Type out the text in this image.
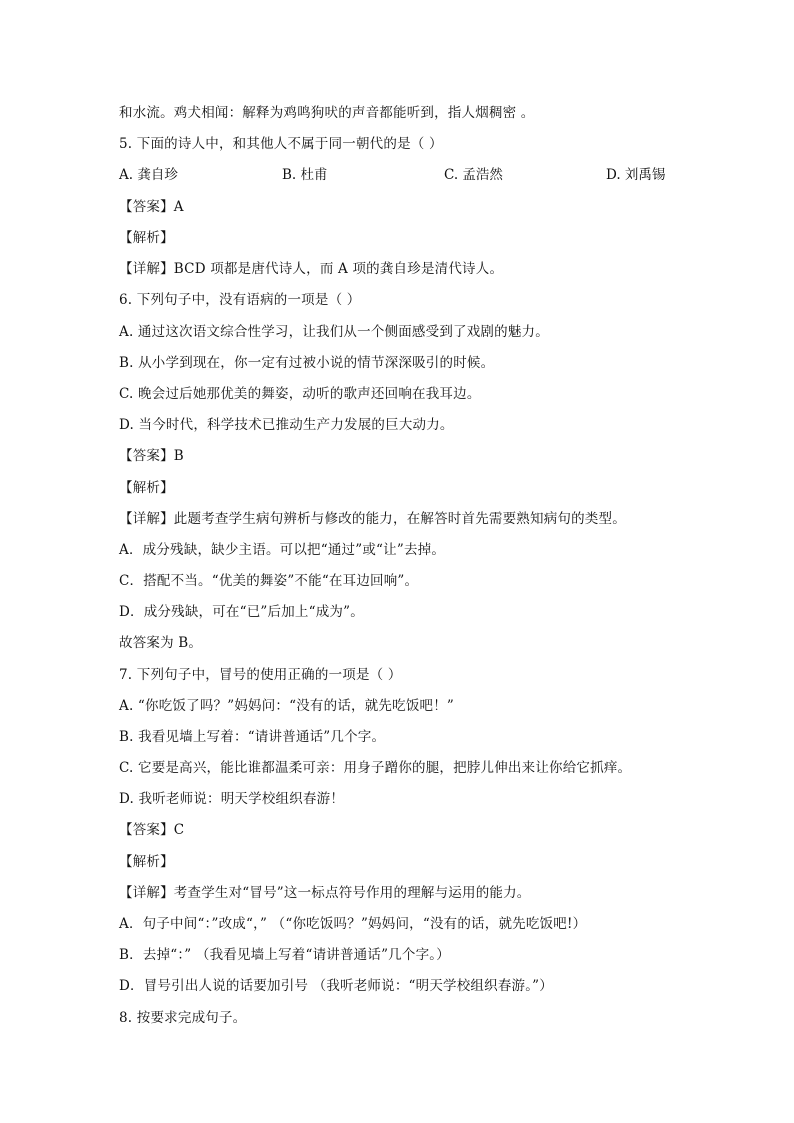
和水流。鸡犬相闻：解释为鸡鸣狗吠的声音都能听到，指人烟稠密 。
5. 下面的诗人中，和其他人不属于同一朝代的是（ ）
A. 龚自珍	B. 杜甫	C. 孟浩然	D. 刘禹锡
【答案】A
【解析】
【详解】BCD 项都是唐代诗人，而 A 项的龚自珍是清代诗人。
6. 下列句子中，没有语病的一项是（ ）
A. 通过这次语文综合性学习，让我们从一个侧面感受到了戏剧的魅力。
B. 从小学到现在，你一定有过被小说的情节深深吸引的时候。
C. 晚会过后她那优美的舞姿，动听的歌声还回响在我耳边。
D. 当今时代，科学技术已推动生产力发展的巨大动力。
【答案】B
【解析】
【详解】此题考查学生病句辨析与修改的能力，在解答时首先需要熟知病句的类型。
A．成分残缺，缺少主语。可以把“通过”或“让”去掉。
C．搭配不当。“优美的舞姿”不能“在耳边回响”。
D．成分残缺，可在“已”后加上“成为”。
故答案为 B。
7. 下列句子中，冒号的使用正确的一项是（ ）
A. “你吃饭了吗？”妈妈问：“没有的话，就先吃饭吧！”
B. 我看见墙上写着：“请讲普通话”几个字。
C. 它要是高兴，能比谁都温柔可亲：用身子蹭你的腿，把脖儿伸出来让你给它抓痒。
D. 我听老师说：明天学校组织春游！
【答案】C
【解析】
【详解】考查学生对“冒号”这一标点符号作用的理解与运用的能力。
A．句子中间“：”改成“，” （“你吃饭吗？”妈妈问，“没有的话，就先吃饭吧!）
B．去掉“：” （我看见墙上写着“请讲普通话”几个字。）
D．冒号引出人说的话要加引号 （我听老师说：“明天学校组织春游。”）
8. 按要求完成句子。
